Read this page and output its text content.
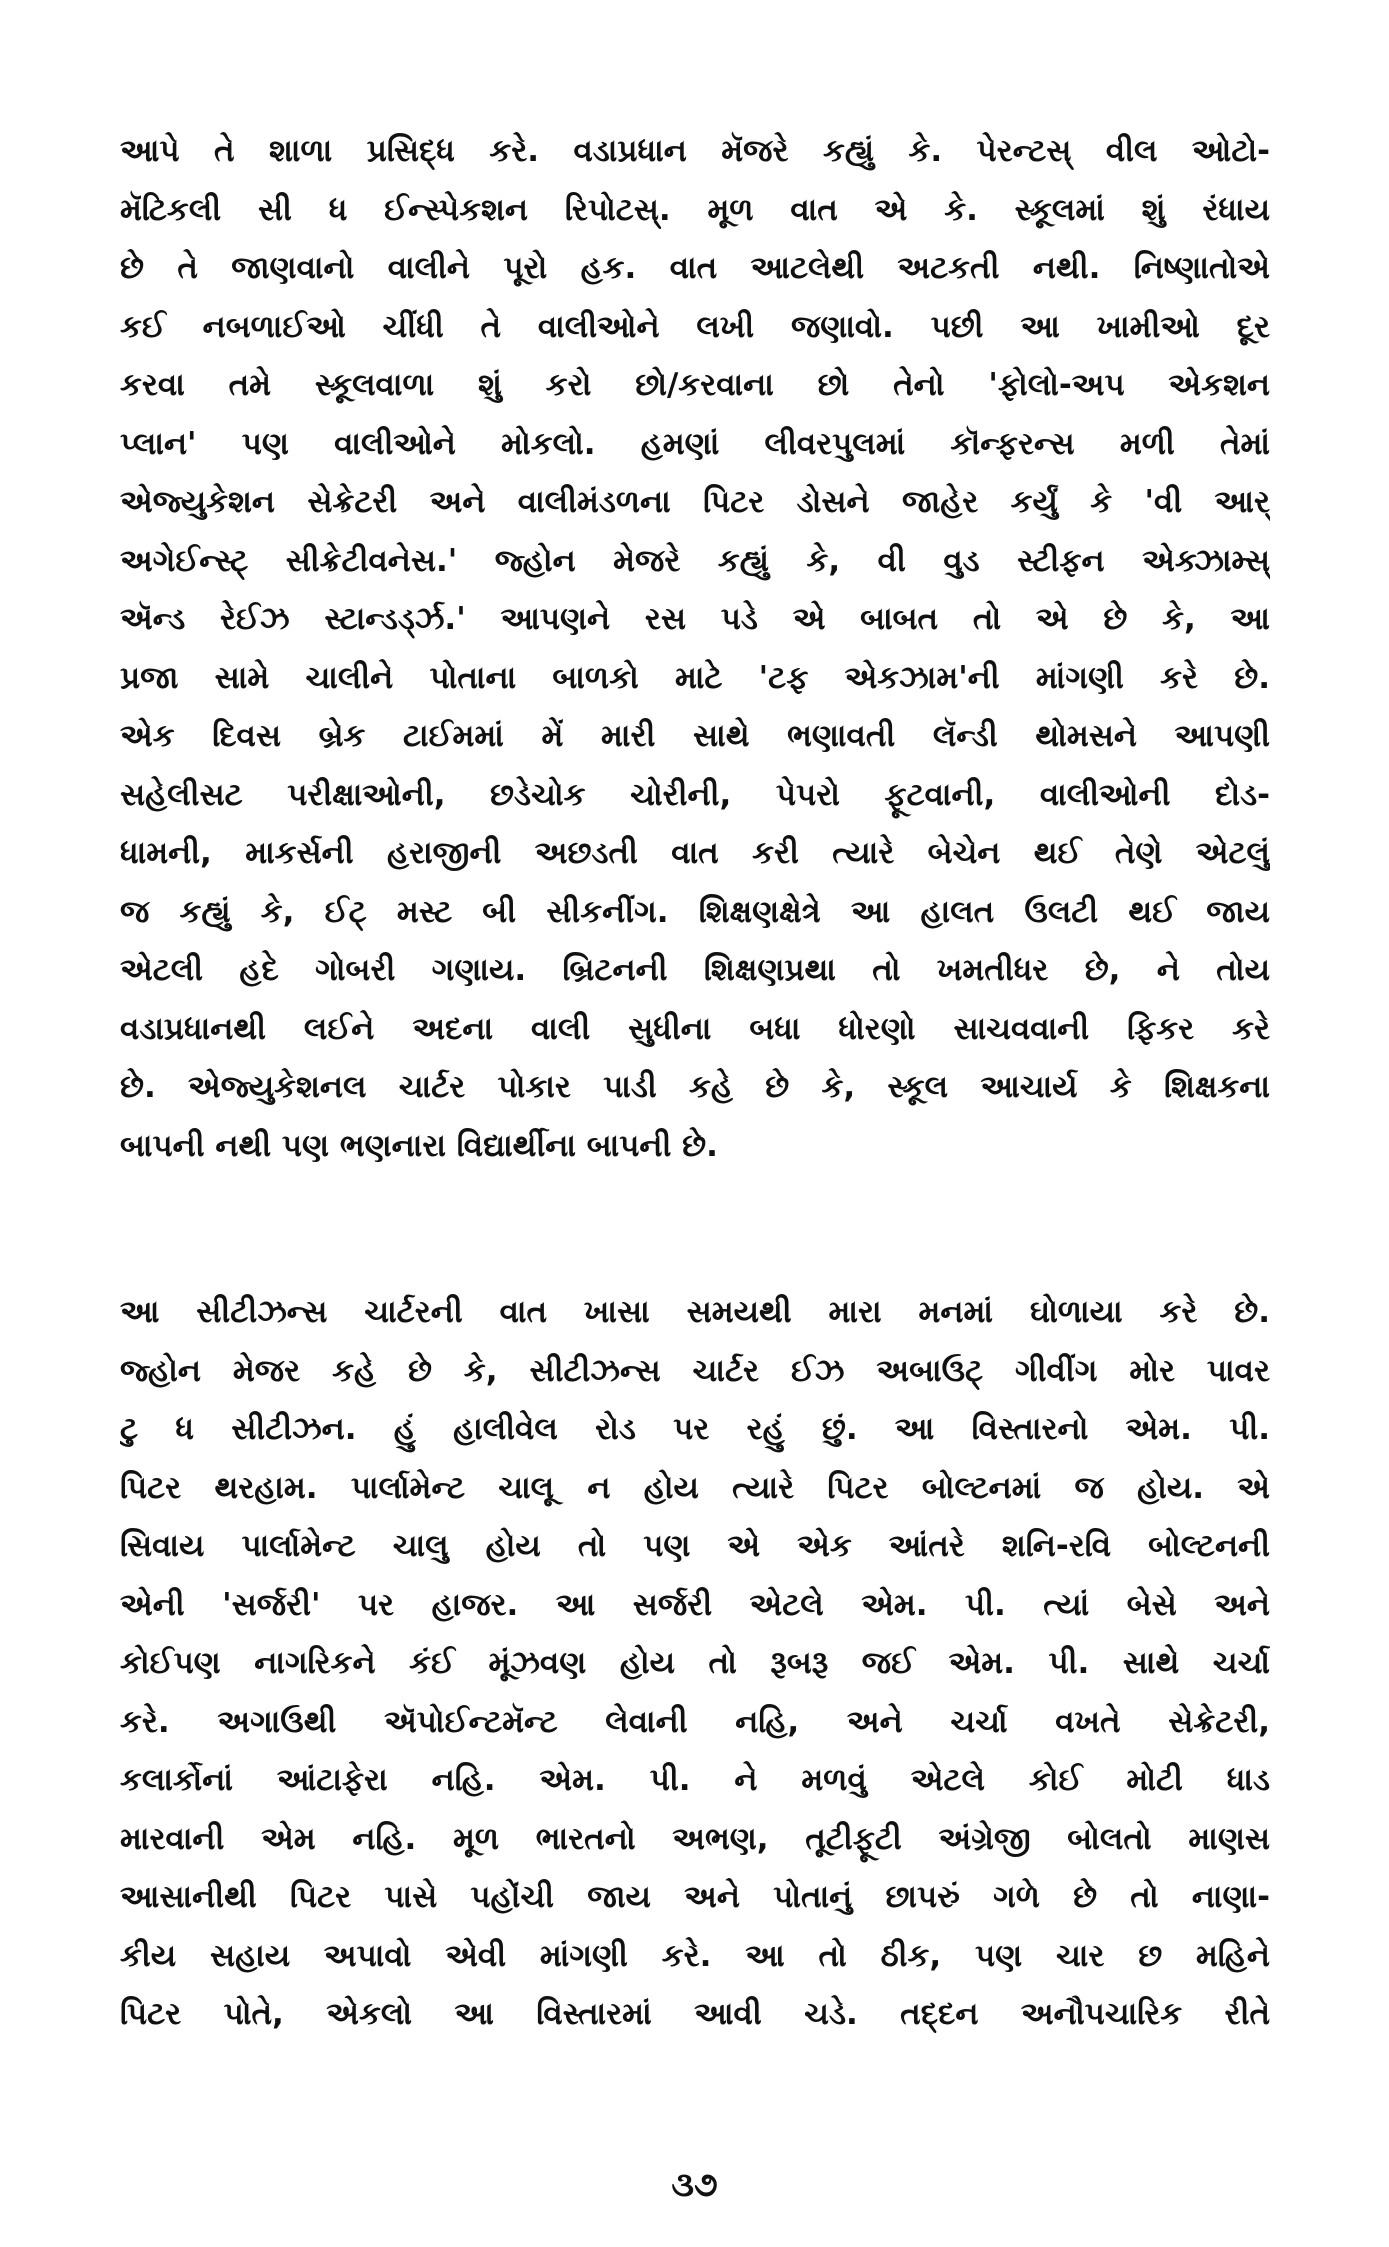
આપે તે શાળા પ્રસિદ્ધ કરે. વડાપ્રધાન મૅજરે કહ્યું કે. પેરન્ટસ્ વીલ ઓટો-
મૅટિકલી સી ધ ઈન્સ્પેકશન રિપોટસ્. મૂળ વાત એ કે. સ્કૂલમાં શું રંધાય
છે તે જાણવાનો વાલીને પૂરો હક. વાત આટલેથી અટકતી નથી. નિષ્ણાતોએ
કઈ નબળાઈઓ ચીંધી તે વાલીઓને લખી જણાવો. પછી આ ખામીઓ દૂર
કરવા તમે સ્કૂલવાળા શું કરો છો/કરવાના છો તેનો 'ફોલો-અપ એકશન
પ્લાન' પણ વાલીઓને મોકલો. હમણાં લીવરપુલમાં કૉન્ફરન્સ મળી તેમાં
એજ્યુકેશન સેક્રેટરી અને વાલીમંડળના પિટર ડોસને જાહેર કર્યું કે 'વી આર્
અગેઈન્સ્ટ્ સીક્રેટીવનેસ.' જ્હોન મેજરે કહ્યું કે, વી વુડ સ્ટીફન એક્ઝામ્સ્
ઍન્ડ રેઈઝ સ્ટાન્ડર્ડ્ઝ.' આપણને રસ પડે એ બાબત તો એ છે કે, આ
પ્રજા સામે ચાલીને પોતાના બાળકો માટે 'ટફ એકઝામ'ની માંગણી કરે છે.
એક દિવસ બ્રેક ટાઈમમાં મેં મારી સાથે ભણાવતી લૅન્ડી થોમસને આપણી
સહેલીસટ પરીક્ષાઓની, છડેચોક ચોરીની, પેપરો ફૂટવાની, વાલીઓની દોડ-
ધામની, માકર્સની હરાજીની અછડતી વાત કરી ત્યારે બેચેન થઈ તેણે એટલું
જ કહ્યું કે, ઈટ્ મસ્ટ બી સીકનીંગ. શિક્ષણક્ષેત્રે આ હાલત ઉલટી થઈ જાય
એટલી હદે ગોબરી ગણાય. બ્રિટનની શિક્ષણપ્રથા તો ખમતીધર છે, ને તોય
વડાપ્રધાનથી લઈને અદના વાલી સુધીના બધા ધોરણો સાચવવાની ફિકર કરે
છે. એજ્યુકેશનલ ચાર્ટર પોકાર પાડી કહે છે કે, સ્કૂલ આચાર્ય કે શિક્ષકના
બાપની નથી પણ ભણનારા વિદ્યાર્થીના બાપની છે.
આ સીટીઝન્સ ચાર્ટરની વાત ખાસા સમયથી મારા મનમાં ઘોળાયા કરે છે.
જ્હોન મેજર કહે છે કે, સીટીઝન્સ ચાર્ટર ઈઝ અબાઉટ્ ગીવીંગ મોર પાવર
ટુ ધ સીટીઝન. હું હાલીવેલ રોડ પર રહું છું. આ વિસ્તારનો એમ. પી.
પિટર થરહામ. પાર્લામેન્ટ ચાલૂ ન હોય ત્યારે પિટર બોલ્ટનમાં જ હોય. એ
સિવાય પાર્લામેન્ટ ચાલુ હોય તો પણ એ એક આંતરે શનિ-રવિ બોલ્ટનની
એની 'સર્જરી' પર હાજર. આ સર્જરી એટલે એમ. પી. ત્યાં બેસે અને
કોઈપણ નાગરિકને કંઈ મૂંઝવણ હોય તો રૂબરૂ જઈ એમ. પી. સાથે ચર્ચા
કરે. અગાઉથી ઍપોઈન્ટમૅન્ટ લેવાની નહિ, અને ચર્ચા વખતે સેક્રેટરી,
કલાર્કોનાં આંટાફેરા નહિ. એમ. પી. ને મળવું એટલે કોઈ મોટી ધાડ
મારવાની એમ નહિ. મૂળ ભારતનો અભણ, તૂટીફૂટી અંગ્રેજી બોલતો માણસ
આસાનીથી પિટર પાસે પહોંચી જાય અને પોતાનું છાપરું ગળે છે તો નાણા-
કીય સહાય અપાવો એવી માંગણી કરે. આ તો ઠીક, પણ ચાર છ મહિને
પિટર પોતે, એકલો આ વિસ્તારમાં આવી ચડે. તદ્દન અનૌપચારિક રીતે
૩૭
